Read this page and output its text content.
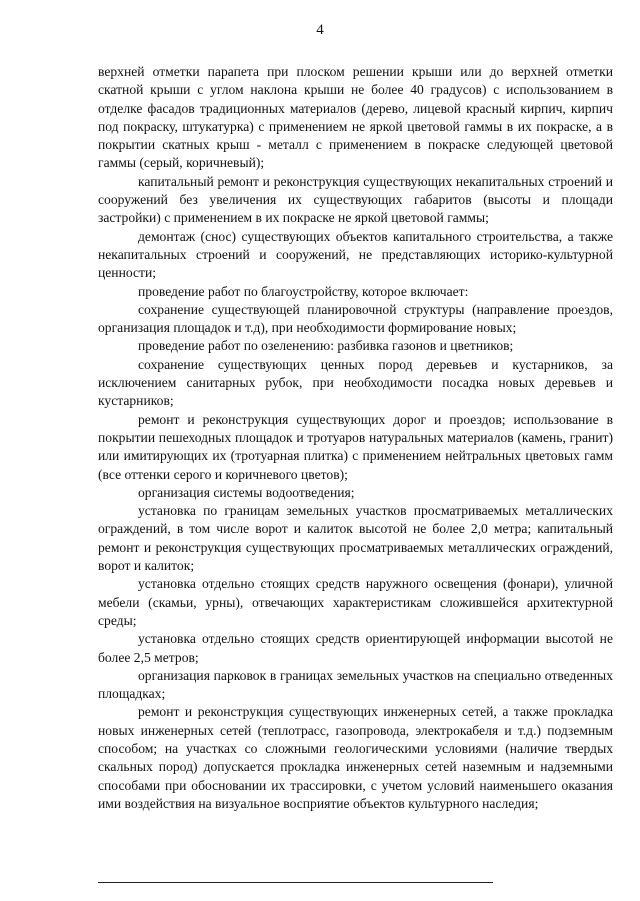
4

верхней отметки парапета при плоском решении крыши или до верхней отметки скатной крыши с углом наклона крыши не более 40 градусов) с использованием в отделке фасадов традиционных материалов (дерево, лицевой красный кирпич, кирпич под покраску, штукатурка) с применением не яркой цветовой гаммы в их покраске, а в покрытии скатных крыш - металл с применением в покраске следующей цветовой гаммы (серый, коричневый);

капитальный ремонт и реконструкция существующих некапитальных строений и сооружений без увеличения их существующих габаритов (высоты и площади застройки) с применением в их покраске не яркой цветовой гаммы;

демонтаж (снос) существующих объектов капитального строительства, а также некапитальных строений и сооружений, не представляющих историко-культурной ценности;

проведение работ по благоустройству, которое включает:

сохранение существующей планировочной структуры (направление проездов, организация площадок и т.д), при необходимости формирование новых;

проведение работ по озеленению: разбивка газонов и цветников;

сохранение существующих ценных пород деревьев и кустарников, за исключением санитарных рубок, при необходимости посадка новых деревьев и кустарников;

ремонт и реконструкция существующих дорог и проездов; использование в покрытии пешеходных площадок и тротуаров натуральных материалов (камень, гранит) или имитирующих их (тротуарная плитка) с применением нейтральных цветовых гамм (все оттенки серого и коричневого цветов);

организация системы водоотведения;

установка по границам земельных участков просматриваемых металлических ограждений, в том числе ворот и калиток высотой не более 2,0 метра; капитальный ремонт и реконструкция существующих просматриваемых металлических ограждений, ворот и калиток;

установка отдельно стоящих средств наружного освещения (фонари), уличной мебели (скамьи, урны), отвечающих характеристикам сложившейся архитектурной среды;

установка отдельно стоящих средств ориентирующей информации высотой не более 2,5 метров;

организация парковок в границах земельных участков на специально отведенных площадках;

ремонт и реконструкция существующих инженерных сетей, а также прокладка новых инженерных сетей (теплотрасс, газопровода, электрокабеля и т.д.) подземным способом; на участках со сложными геологическими условиями (наличие твердых скальных пород) допускается прокладка инженерных сетей наземным и надземными способами при обосновании их трассировки, с учетом условий наименьшего оказания ими воздействия на визуальное восприятие объектов культурного наследия;
